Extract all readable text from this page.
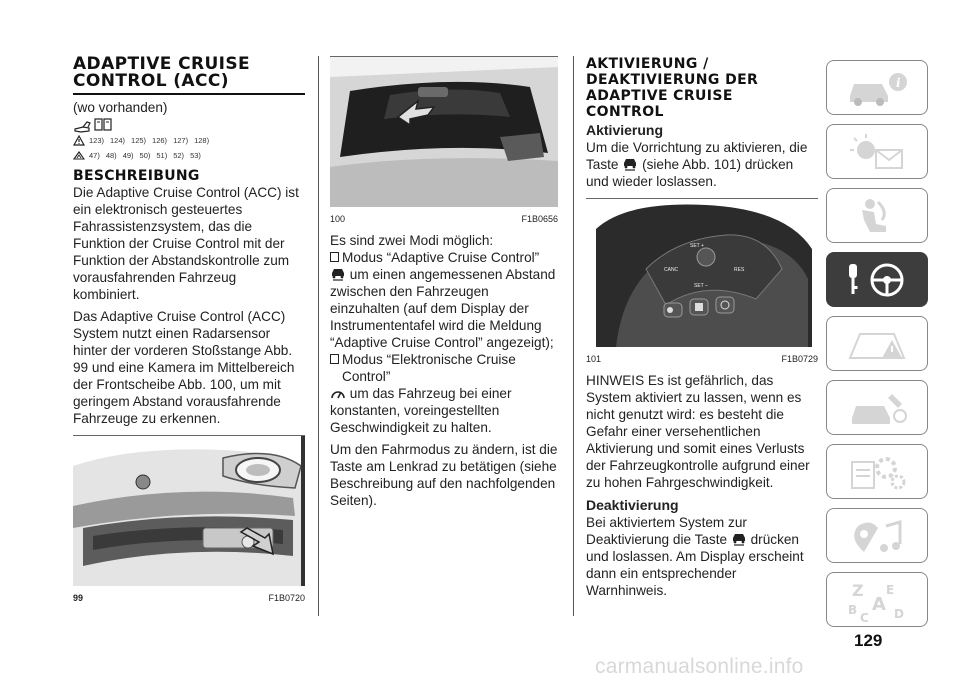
ADAPTIVE CRUISE
CONTROL (ACC)

(wo vorhanden)

123) 124) 125) 126) 127) 128)
47) 48) 49) 50) 51) 52) 53)
BESCHREIBUNG

Die Adaptive Cruise Control (ACC) ist ein elektronisch gesteuertes Fahrassistenzsystem, das die Funktion der Cruise Control mit der Funktion der Abstandskontrolle zum vorausfahrenden Fahrzeug kombiniert.

Das Adaptive Cruise Control (ACC) System nutzt einen Radarsensor hinter der vorderen Stoßstange Abb. 99 und eine Kamera im Mittelbereich der Frontscheibe Abb. 100, um mit geringem Abstand vorausfahrende Fahrzeuge zu erkennen.

99	F1B0720
100	F1B0656

Es sind zwei Modi möglich:

Modus “Adaptive Cruise Control”

um einen angemessenen Abstand zwischen den Fahrzeugen einzuhalten (auf dem Display der Instrumententafel wird die Meldung “Adaptive Cruise Control” angezeigt);

Modus “Elektronische Cruise Control”

um das Fahrzeug bei einer konstanten, voreingestellten Geschwindigkeit zu halten.

Um den Fahrmodus zu ändern, ist die Taste am Lenkrad zu betätigen (siehe Beschreibung auf den nachfolgenden Seiten).

AKTIVIERUNG /
DEAKTIVIERUNG DER
ADAPTIVE CRUISE
CONTROL
Aktivierung

Um die Vorrichtung zu aktivieren, die Taste (siehe Abb. 101) drücken und wieder loslassen.

SET +
CANC	RES
SET –
101	F1B0729

HINWEIS Es ist gefährlich, das System aktiviert zu lassen, wenn es nicht genutzt wird: es besteht die Gefahr einer versehentlichen Aktivierung und somit eines Verlusts der Fahrzeugkontrolle aufgrund einer zu hohen Fahrgeschwindigkeit.

Deaktivierung

Bei aktiviertem System zur Deaktivierung die Taste drücken und loslassen. Am Display erscheint dann ein entsprechender Warnhinweis.

i
Z E
A
B
C D
129
carmanualsonline.info
